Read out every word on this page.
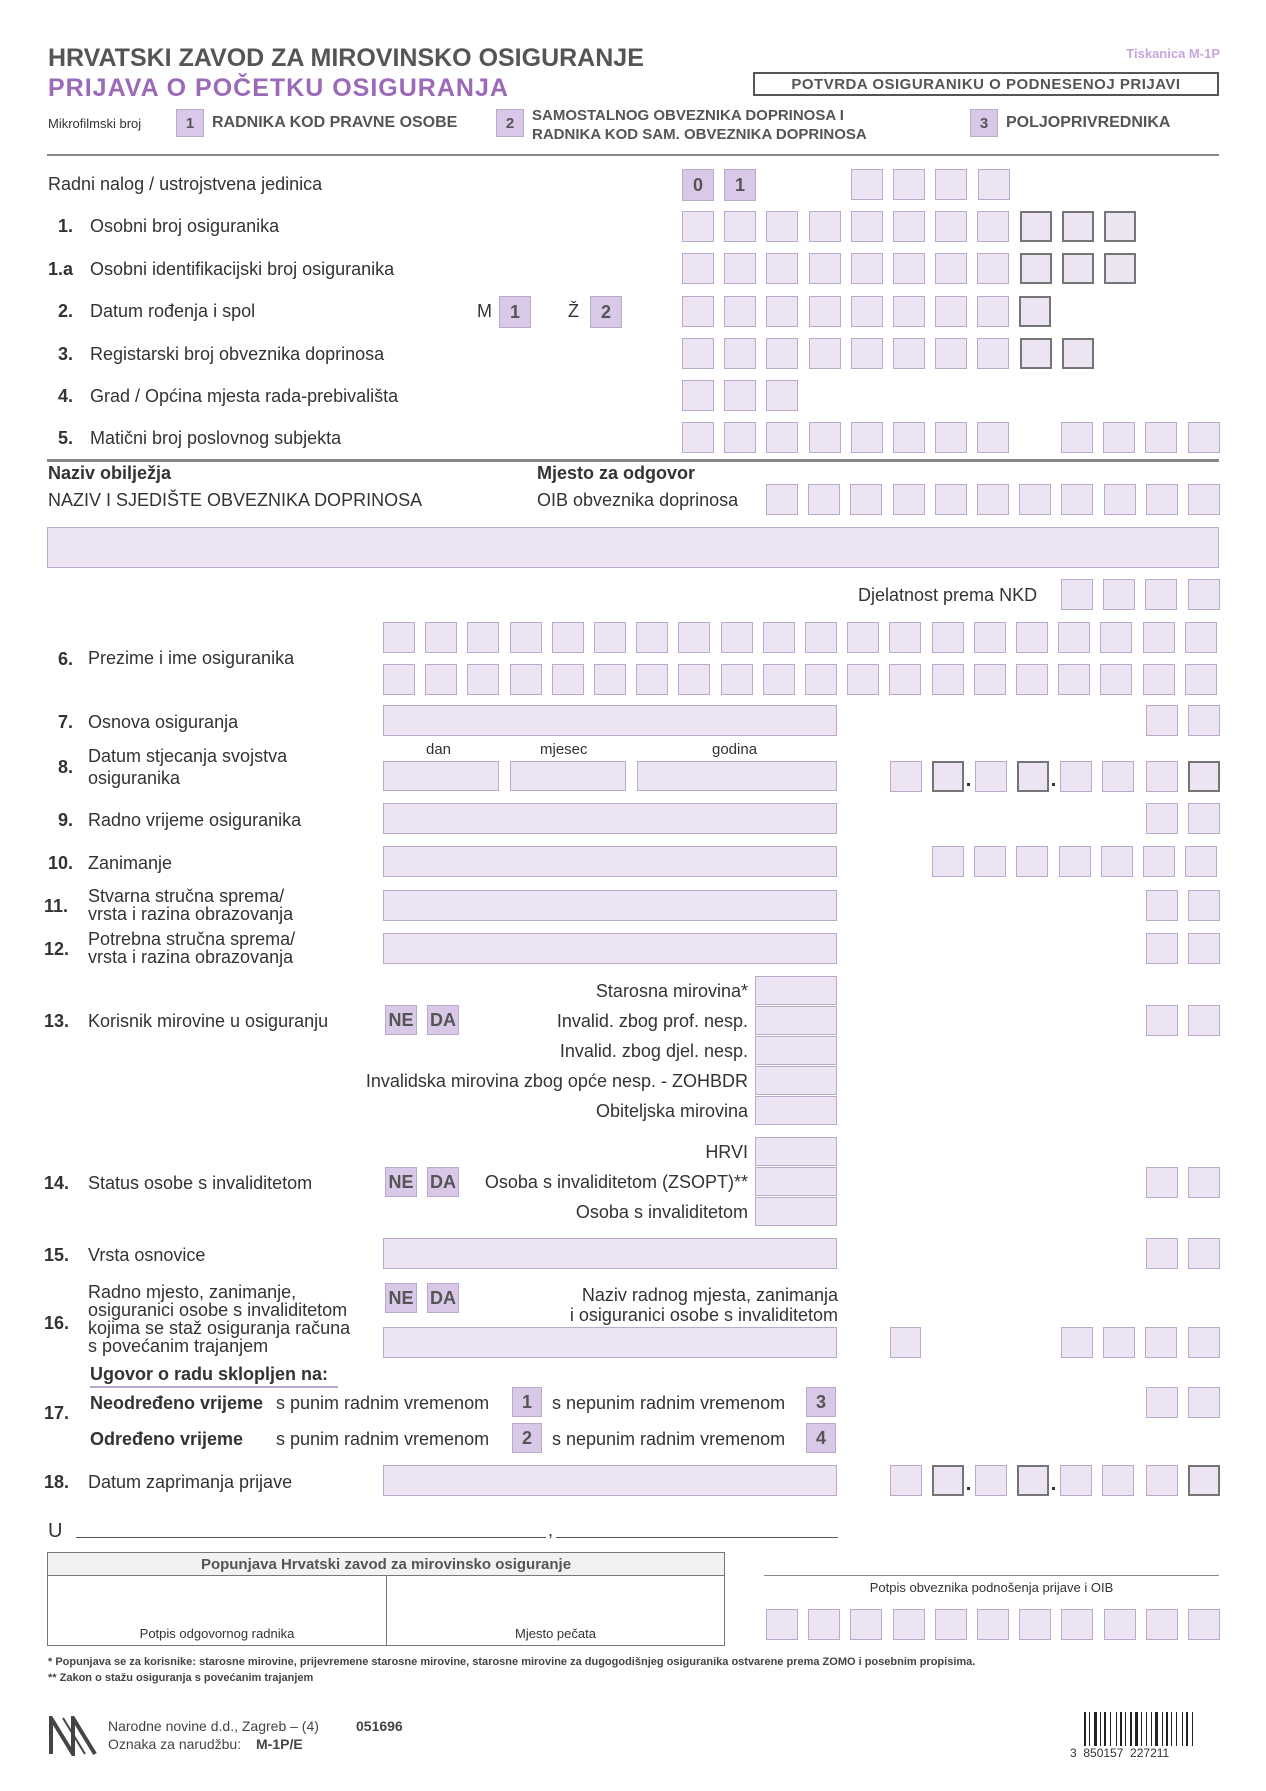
HRVATSKI ZAVOD ZA MIROVINSKO OSIGURANJE
PRIJAVA O POČETKU OSIGURANJA
Tiskanica M-1P
POTVRDA OSIGURANIKU O PODNESENOJ PRIJAVI
Mikrofilmski broj	1	RADNIKA KOD PRAVNE OSOBE	2	SAMOSTALNOG OBVEZNIKA DOPRINOSA I
RADNIKA KOD SAM. OBVEZNIKA DOPRINOSA
3	POLJOPRIVREDNIKA
Radni nalog / ustrojstvena jedinica	0	1
1. Osobni broj osiguranika
1.a Osobni identifikacijski broj osiguranika
2. Datum rođenja i spol	M 1	Ž	2
3. Registarski broj obveznika doprinosa
4. Grad / Općina mjesta rada-prebivališta
5. Matični broj poslovnog subjekta
Naziv obilježja	Mjesto za odgovor
NAZIV I SJEDIŠTE OBVEZNIKA DOPRINOSA	OIB obveznika doprinosa
Djelatnost prema NKD
6. Prezime i ime osiguranika
7. Osnova osiguranja
8.
Datum stjecanja svojstva
osiguranika
dan	mjesec	godina
9. Radno vrijeme osiguranika
10. Zanimanje
11. Stvarna stručna sprema/
vrsta i razina obrazovanja
12. Potrebna stručna sprema/
vrsta i razina obrazovanja
13. Korisnik mirovine u osiguranju	NE DA
14. Status osobe s invaliditetom	NE DA
15. Vrsta osnovice
16.
Radno mjesto, zanimanje,
osiguranici osobe s invaliditetom
kojima se staž osiguranja računa
s povećanim trajanjem
NE DA	Naziv radnog mjesta, zanimanja
i osiguranici osobe s invaliditetom
Ugovor o radu sklopljen na:
17. Neodređeno vrijeme s punim radnim vremenom	1	s nepunim radnim vremenom	3
Određeno vrijeme s punim radnim vremenom	2	s nepunim radnim vremenom	4
18. Datum zaprimanja prijave
U	,
Popunjava Hrvatski zavod za mirovinsko osiguranje
Potpis odgovornog radnika	Mjesto pečata
Potpis obveznika podnošenja prijave i OIB
* Popunjava se za korisnike: starosne mirovine, prijevremene starosne mirovine, starosne mirovine za dugogodišnjeg osiguranika ostvarene prema ZOMO i posebnim propisima.
** Zakon o stažu osiguranja s povećanim trajanjem
Narodne novine d.d., Zagreb – (4)	051696
Oznaka za narudžbu: M-1P/E
3  850157  227211
Starosna mirovina*
Invalid. zbog prof. nesp.
Invalid. zbog djel. nesp.
Invalidska mirovina zbog opće nesp. - ZOHBDR
Obiteljska mirovina
HRVI
Osoba s invaliditetom (ZSOPT)**
Osoba s invaliditetom
